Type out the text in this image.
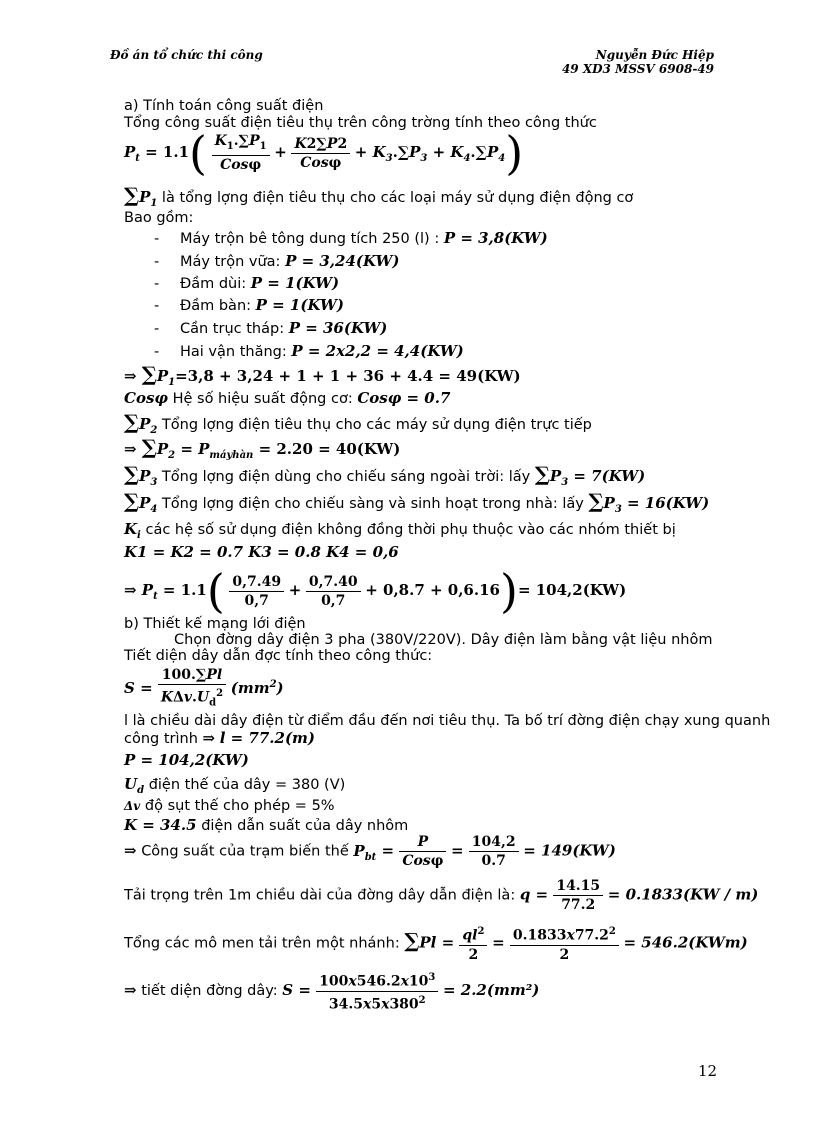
Đồ án tổ chức thi công	Nguyễn Đức Hiệp
49 XD3 MSSV 6908-49
a) Tính toán công suất điện
Tổng công suất điện tiêu thụ trên công trờng tính theo công thức
$P_t = 1.1( \frac{K_1.\sum P_1}{\text{Cosφ}} + \frac{K2\sum P2}{\text{Cosφ}} + K_3.\sum P_3 + K_4.\sum P_4)$
$\sum P_1$ là tổng lợng điện tiêu thụ cho các loại máy sử dụng điện động cơ
Bao gồm:
- Máy trộn bê tông dung tích 250 (l) : P = 3,8(KW)
- Máy trộn vữa: P = 3,24(KW)
- Đầm dùi: P = 1(KW)
- Đầm bàn: P = 1(KW)
- Cần trục tháp: P = 36(KW)
- Hai vận thăng: P = 2x2,2 = 4,4(KW)
⇒ $\sum P_1=3,8 + 3,24 + 1 + 1 + 36 + 4.4 = 49(KW)$
Cosφ Hệ số hiệu suất động cơ: Cosφ = 0.7
$\sum P_2$ Tổng lợng điện tiêu thụ cho các máy sử dụng điện trực tiếp
⇒ $\sum P_2 = P_{máyhàn} = 2.20 = 40(KW)$
$\sum P_3$ Tổng lợng điện dùng cho chiếu sáng ngoài trời: lấy $\sum P_3 = 7(KW)$
$\sum P_4$ Tổng lợng điện cho chiếu sàng và sinh hoạt trong nhà: lấy $\sum P_3 = 16(KW)$
$K_i$ các hệ số sử dụng điện không đồng thời phụ thuộc vào các nhóm thiết bị
K1 = K2 = 0.7 K3 = 0.8 K4 = 0,6
⇒ $P_t = 1.1( \frac{0,7.49}{0,7} + \frac{0,7.40}{0,7} + 0,8.7 + 0,6.16)= 104,2(KW)$
b) Thiết kế mạng lới điện
Chọn đờng dây điện 3 pha (380V/220V). Dây điện làm bằng vật liệu nhôm
Tiết diện dây dẫn đợc tính theo công thức:
$S = \frac{100.\sum Pl}{K\Delta v.U_d^2} (mm^2)$
l là chiều dài dây điện từ điểm đầu đến nơi tiêu thụ. Ta bố trí đờng điện chạy xung quanh
công trình ⇒ l = 77.2(m)
P = 104,2(KW)
$U_d$ điện thế của dây = 380 (V)
Δv độ sụt thế cho phép = 5%
K = 34.5 điện dẫn suất của dây nhôm
⇒ Công suất của trạm biến thế $P_{bt} = \frac{P}{\text{Cosφ}} = \frac{104,2}{0.7} = 149(KW)$
Tải trọng trên 1m chiều dài của đờng dây dẫn điện là: $q = \frac{14.15}{77.2} = 0.1833(KW / m)$
Tổng các mô men tải trên một nhánh: $\sum Pl = \frac{ql^2}{2} = \frac{0.1833x77.2^2}{2} = 546.2(KWm)$
⇒ tiết diện đờng dây: $S = \frac{100x546.2x10^3}{34.5x5x380^2} = 2.2(mm^2)$
12
